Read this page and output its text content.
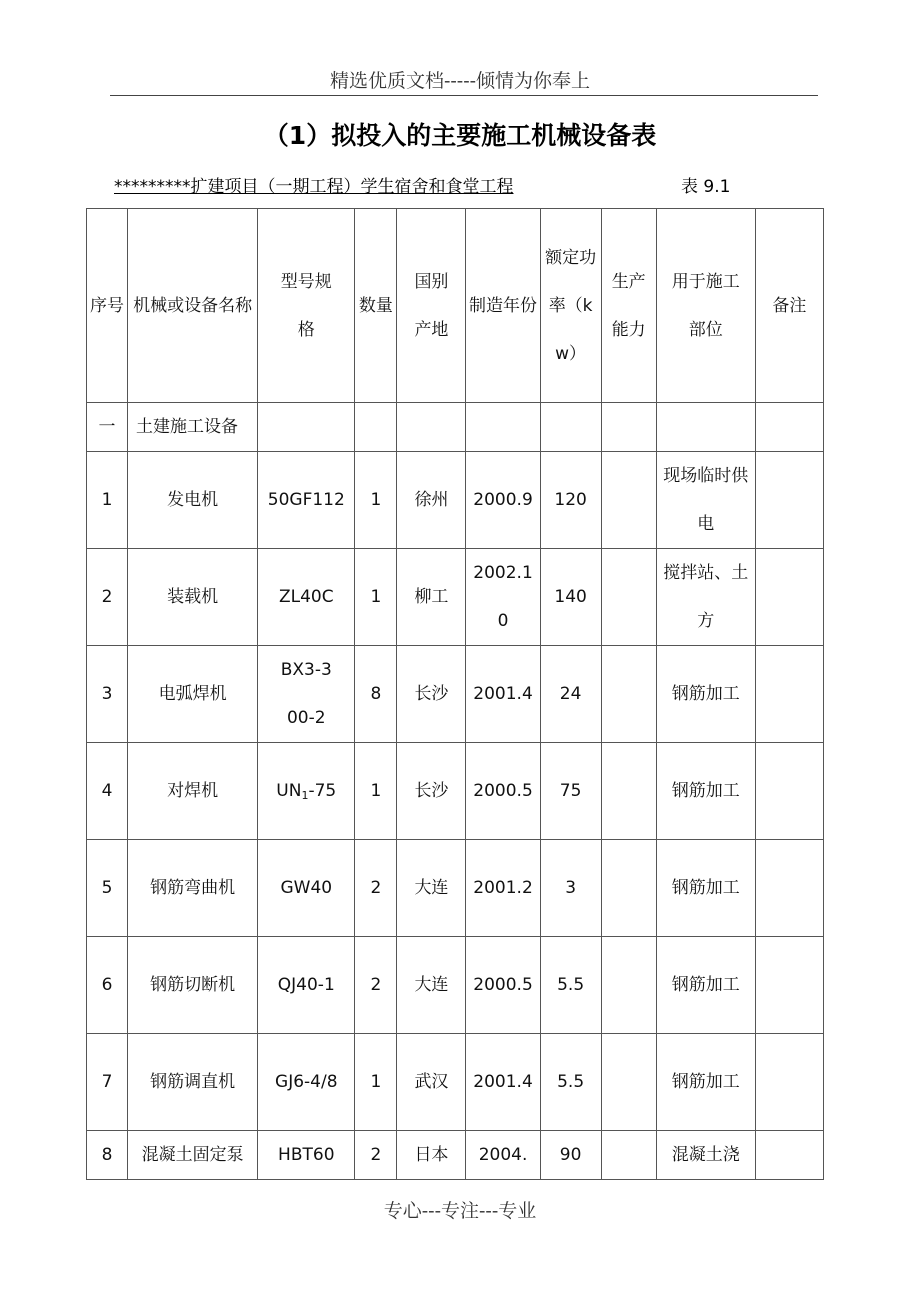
精选优质文档-----倾情为你奉上
（1）拟投入的主要施工机械设备表
*********扩建项目（一期工程）学生宿舍和食堂工程	表 9.1
序号	机械或设备名称	型号规格	数量	国别产地	制造年份	额定功率（kw）	生产能力	用于施工部位	备注
一	土建施工设备								
1	发电机	50GF112	1	徐州	2000.9	120		现场临时供电	
2	装载机	ZL40C	1	柳工	2002.10	140		搅拌站、土方	
3	电弧焊机	BX3-300-2	8	长沙	2001.4	24		钢筋加工	
4	对焊机	$UN_1-75$	1	长沙	2000.5	75		钢筋加工	
5	钢筋弯曲机	GW40	2	大连	2001.2	3		钢筋加工	
6	钢筋切断机	QJ40-1	2	大连	2000.5	5.5		钢筋加工	
7	钢筋调直机	GJ6-4/8	1	武汉	2001.4	5.5		钢筋加工	
8	混凝土固定泵	HBT60	2	日本	2004.	90		混凝土浇	
专心---专注---专业
